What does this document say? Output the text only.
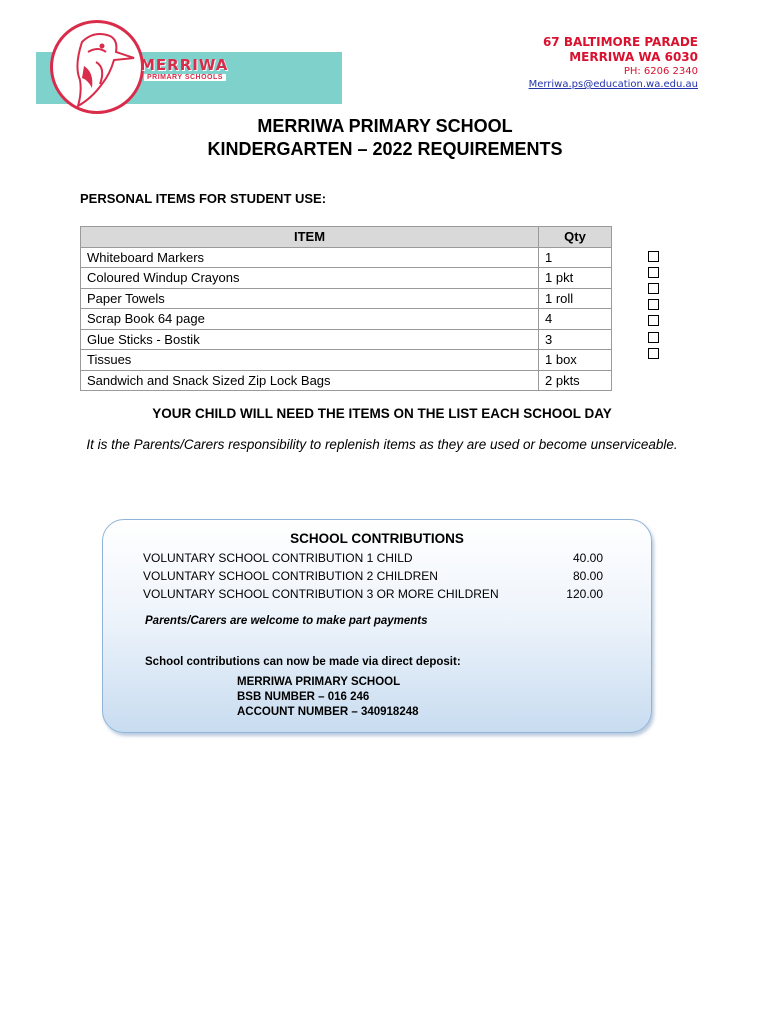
MERRIWA
PRIMARY SCHOOLS
67 BALTIMORE PARADE
MERRIWA WA 6030
PH: 6206 2340
Merriwa.ps@education.wa.edu.au
MERRIWA PRIMARY SCHOOL
KINDERGARTEN – 2022 REQUIREMENTS
PERSONAL ITEMS FOR STUDENT USE:
ITEM	Qty
Whiteboard Markers	1
Coloured Windup Crayons	1 pkt
Paper Towels	1 roll
Scrap Book 64 page	4
Glue Sticks - Bostik	3
Tissues	1 box
Sandwich and Snack Sized Zip Lock Bags	2 pkts
YOUR CHILD WILL NEED THE ITEMS ON THE LIST EACH SCHOOL DAY
It is the Parents/Carers responsibility to replenish items as they are used or become unserviceable.
SCHOOL CONTRIBUTIONS
VOLUNTARY SCHOOL CONTRIBUTION 1 CHILD	40.00
VOLUNTARY SCHOOL CONTRIBUTION 2 CHILDREN	80.00
VOLUNTARY SCHOOL CONTRIBUTION 3 OR MORE CHILDREN	120.00
Parents/Carers are welcome to make part payments
School contributions can now be made via direct deposit:
MERRIWA PRIMARY SCHOOL
BSB NUMBER – 016 246
ACCOUNT NUMBER – 340918248
